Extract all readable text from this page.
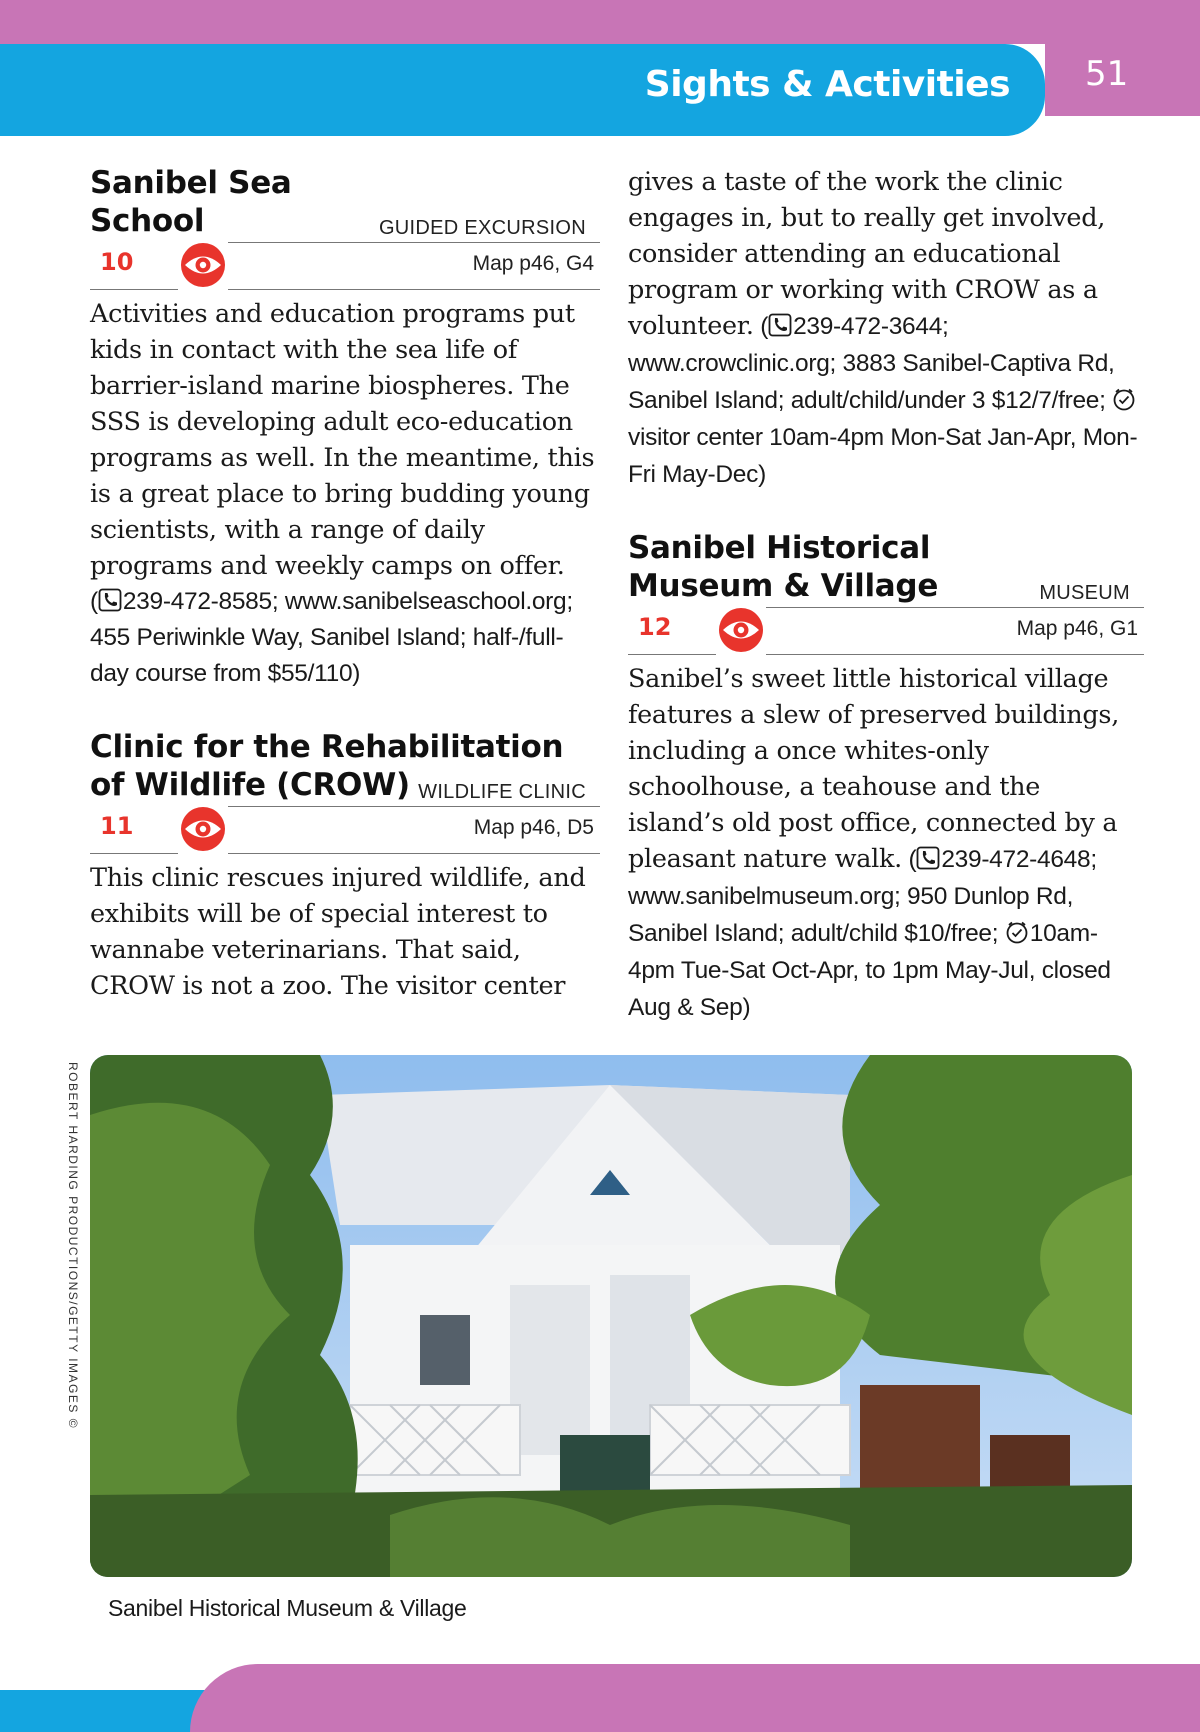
Sights & Activities 51
Sanibel Sea
School	GUIDED EXCURSION
10	Map p46, G4
Activities and education programs put kids in contact with the sea life of barrier-island marine biospheres. The SSS is developing adult eco-education programs as well. In the meantime, this is a great place to bring budding young scientists, with a range of daily programs and weekly camps on offer.
( 239-472-8585; www.sanibelseaschool.org; 455 Periwinkle Way, Sanibel Island; half-/full-day course from $55/110)
Clinic for the Rehabilitation
of Wildlife (CROW) WILDLIFE CLINIC
11	Map p46, D5
This clinic rescues injured wildlife, and exhibits will be of special interest to wannabe veterinarians. That said, CROW is not a zoo. The visitor center
gives a taste of the work the clinic engages in, but to really get involved, consider attending an educational program or working with CROW as a volunteer. ( 239-472-3644; www.crowclinic.org; 3883 Sanibel-Captiva Rd, Sanibel Island; adult/child/under 3 $12/7/free;
visitor center 10am-4pm Mon-Sat Jan-Apr, Mon-Fri May-Dec)
Sanibel Historical
Museum & Village	MUSEUM
12	Map p46, G1
Sanibel’s sweet little historical village features a slew of preserved buildings, including a once whites-only schoolhouse, a teahouse and the island’s old post office, connected by a pleasant nature walk. ( 239-472-4648; www.sanibelmuseum.org; 950 Dunlop Rd, Sanibel Island; adult/child $10/free;
10am-4pm Tue-Sat Oct-Apr, to 1pm May-Jul, closed Aug & Sep)
ROBERT HARDING PRODUCTIONS/GETTY IMAGES ©
Sanibel Historical Museum & Village
